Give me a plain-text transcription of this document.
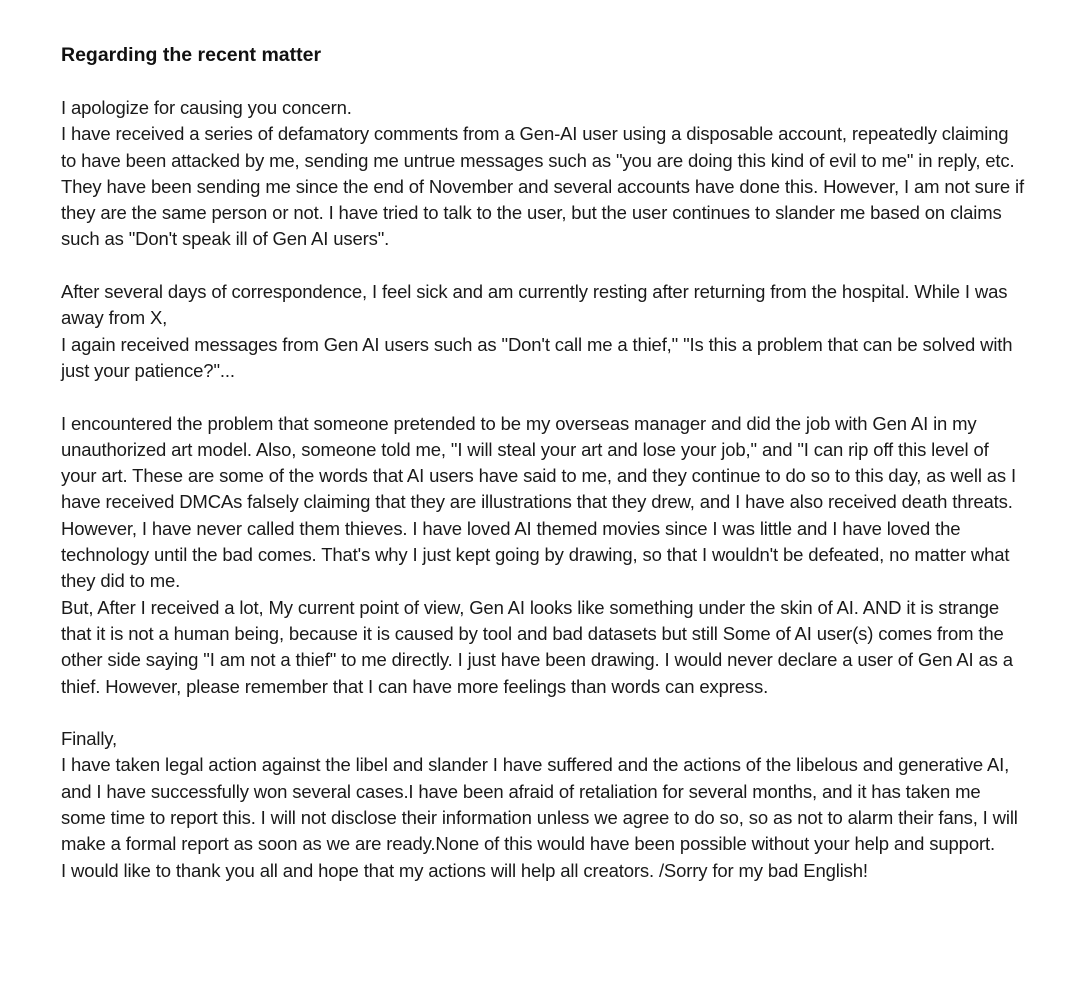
Regarding the recent matter

I apologize for causing you concern.

I have received a series of defamatory comments from a Gen-AI user using a disposable account, repeatedly claiming to have been attacked by me, sending me untrue messages such as "you are doing this kind of evil to me" in reply, etc.

They have been sending me since the end of November and several accounts have done this. However, I am not sure if they are the same person or not. I have tried to talk to the user, but the user continues to slander me based on claims such as "Don't speak ill of Gen AI users".

After several days of correspondence, I feel sick and am currently resting after returning from the hospital. While I was away from X,

I again received messages from Gen AI users such as "Don't call me a thief," "Is this a problem that can be solved with just your patience?"...

I encountered the problem that someone pretended to be my overseas manager and did the job with Gen AI in my unauthorized art model. Also, someone told me, "I will steal your art and lose your job," and "I can rip off this level of your art. These are some of the words that AI users have said to me, and they continue to do so to this day, as well as I have received DMCAs falsely claiming that they are illustrations that they drew, and I have also received death threats.

However, I have never called them thieves. I have loved AI themed movies since I was little and I have loved the technology until the bad comes. That's why I just kept going by drawing, so that I wouldn't be defeated, no matter what they did to me.

But, After I received a lot, My current point of view, Gen AI looks like something under the skin of AI. AND it is strange that it is not a human being, because it is caused by tool and bad datasets but still Some of AI user(s) comes from the other side saying "I am not a thief" to me directly. I just have been drawing. I would never declare a user of Gen AI as a thief. However, please remember that I can have more feelings than words can express.

Finally,

I have taken legal action against the libel and slander I have suffered and the actions of the libelous and generative AI, and I have successfully won several cases.I have been afraid of retaliation for several months, and it has taken me some time to report this. I will not disclose their information unless we agree to do so, so as not to alarm their fans, I will make a formal report as soon as we are ready.None of this would have been possible without your help and support.

I would like to thank you all and hope that my actions will help all creators. /Sorry for my bad English!
